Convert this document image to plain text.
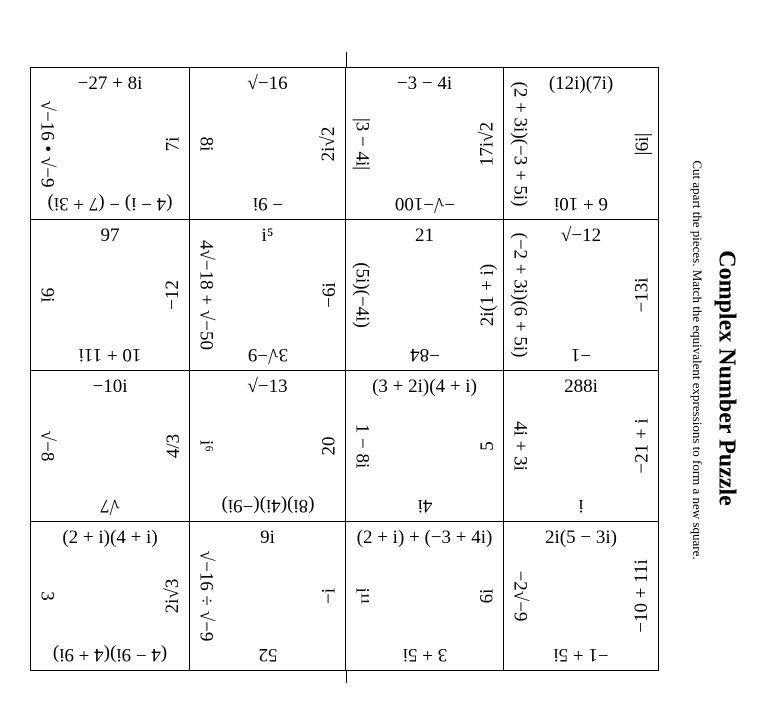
Complex Number Puzzle
Cut apart the pieces. Match the equivalent expressions to form a new square.
−27 + 8i
(4 − i) − (7 + 3i)
√−16 • √−9	7i
√−16
− 9i
8i	2i√2
−3 − 4i
−√−100
|3 − 4i|	17i√2
(12i)(7i)
6 + 10i
(2 + 3i)(−3 + 5i)	|6i|
97
10 + 11i
9i	−12
i⁵
3√−9
4√−18 + √−50	−6i
21
−84
(5i)(−4i)	2i(1 + i)
√−12
−1
(−2 + 3i)(6 + 5i)	−13i
−10i
√7
√−8	4/3
√−13
(8i)(4i)(−9i)
i⁶	20
(3 + 2i)(4 + i)
4i
1 − 8i	5
288i
i
4i + 3i	−21 + i
(2 + i)(4 + i)
(4 − 9i)(4 + 9i)
3	2i√3
9i
52
√−16 ÷ √−9	−i
(2 + i) + (−3 + 4i)
3 + 5i
i¹¹	6i
2i(5 − 3i)
−1 + 5i
−2√−9	−10 + 11i
